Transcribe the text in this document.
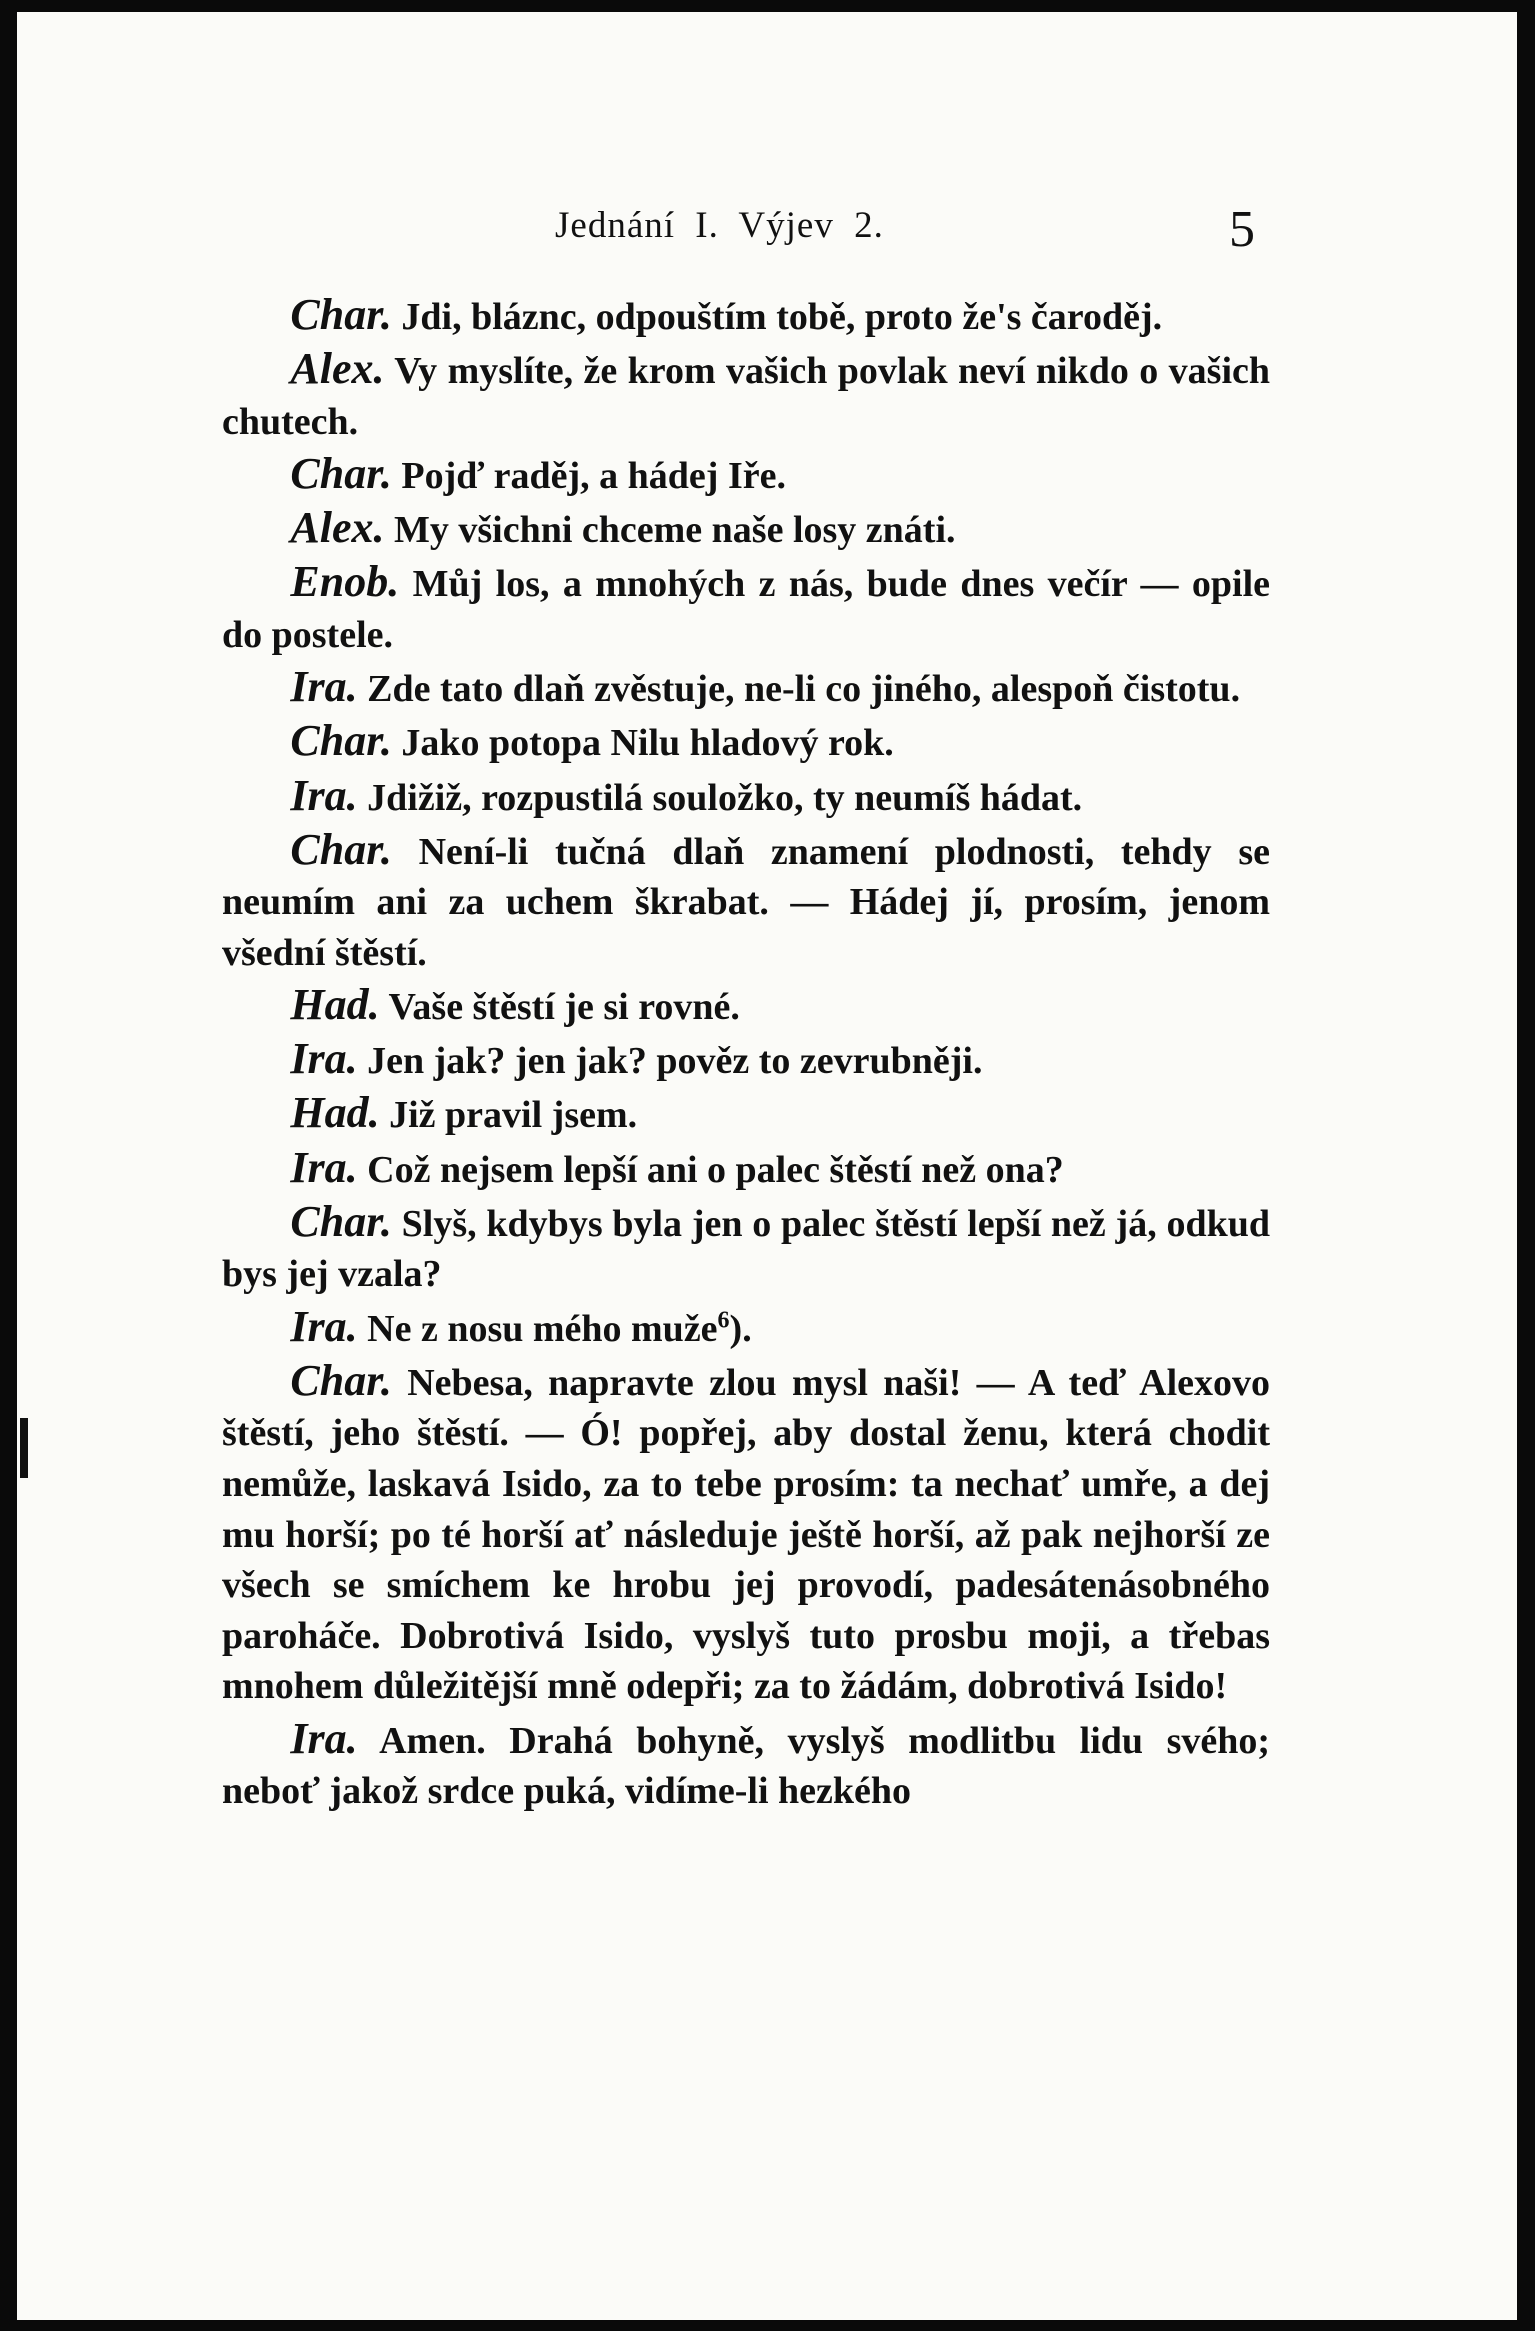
Jednání I. Výjev 2.	5

Char. Jdi, bláznc, odpouštím tobě, proto že's čaroděj.

Alex. Vy myslíte, že krom vašich povlak neví nikdo o vašich chutech.

Char. Pojď raděj, a hádej Iře.

Alex. My všichni chceme naše losy znáti.

Enob. Můj los, a mnohých z nás, bude dnes večír — opile do postele.

Ira. Zde tato dlaň zvěstuje, ne-li co jiného, alespoň čistotu.

Char. Jako potopa Nilu hladový rok.

Ira. Jdižiž, rozpustilá souložko, ty neumíš hádat.

Char. Není-li tučná dlaň znamení plodnosti, tehdy se neumím ani za uchem škrabat. — Hádej jí, prosím, jenom všední štěstí.

Had. Vaše štěstí je si rovné.

Ira. Jen jak? jen jak? pověz to zevrubněji.

Had. Již pravil jsem.

Ira. Což nejsem lepší ani o palec štěstí než ona?

Char. Slyš, kdybys byla jen o palec štěstí lepší než já, odkud bys jej vzala?

Ira. Ne z nosu mého muže$^6$).

Char. Nebesa, napravte zlou mysl naši! — A teď Alexovo štěstí, jeho štěstí. — Ó! popřej, aby dostal ženu, která chodit nemůže, laskavá Isido, za to tebe prosím: ta nechať umře, a dej mu horší; po té horší ať následuje ještě horší, až pak nejhorší ze všech se smíchem ke hrobu jej provodí, padesátenásobného paroháče. Dobrotivá Isido, vyslyš tuto prosbu moji, a třebas mnohem důležitější mně odepři; za to žádám, dobrotivá Isido!

Ira. Amen. Drahá bohyně, vyslyš modlitbu lidu svého; neboť jakož srdce puká, vidíme-li hezkého
